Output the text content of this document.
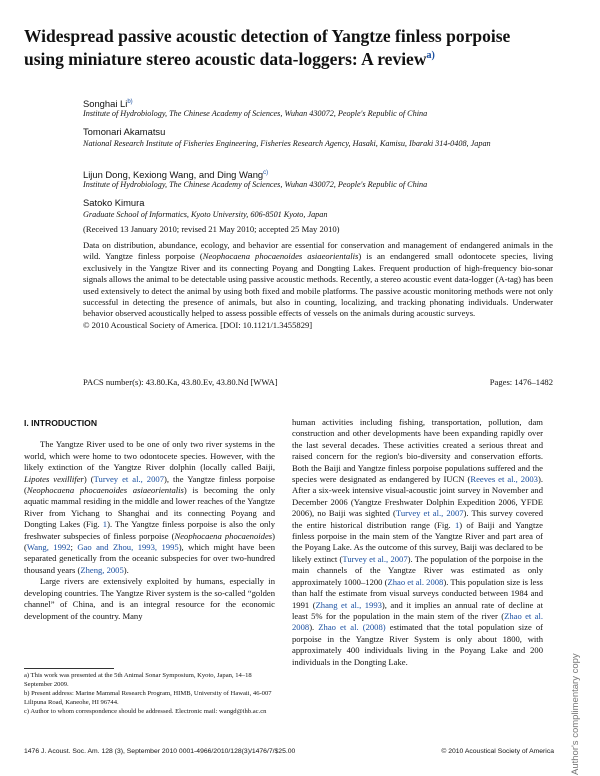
Widespread passive acoustic detection of Yangtze finless porpoise using miniature stereo acoustic data-loggers: A review$^{a)}$
Songhai Li$^{b)}$
Institute of Hydrobiology, The Chinese Academy of Sciences, Wuhan 430072, People's Republic of China
Tomonari Akamatsu
National Research Institute of Fisheries Engineering, Fisheries Research Agency, Hasaki, Kamisu, Ibaraki 314-0408, Japan
Lijun Dong, Kexiong Wang, and Ding Wang$^{c)}$
Institute of Hydrobiology, The Chinese Academy of Sciences, Wuhan 430072, People's Republic of China
Satoko Kimura
Graduate School of Informatics, Kyoto University, 606-8501 Kyoto, Japan
(Received 13 January 2010; revised 21 May 2010; accepted 25 May 2010)
Data on distribution, abundance, ecology, and behavior are essential for conservation and management of endangered animals in the wild. Yangtze finless porpoise (Neophocaena phocaenoides asiaeorientalis) is an endangered small odontocete species, living exclusively in the Yangtze River and its connecting Poyang and Dongting Lakes. Frequent production of high-frequency bio-sonar signals allows the animal to be detectable using passive acoustic methods. Recently, a stereo acoustic event data-logger (A-tag) has been used extensively to detect the animal by using both fixed and mobile platforms. The passive acoustic monitoring methods were not only successful in detecting the presence of animals, but also in counting, localizing, and tracking phonating individuals. Underwater behavior observed acoustically helped to assess possible effects of vessels on the animals during acoustic surveys.
© 2010 Acoustical Society of America. [DOI: 10.1121/1.3455829]
PACS number(s): 43.80.Ka, 43.80.Ev, 43.80.Nd [WWA]	Pages: 1476–1482
I. INTRODUCTION
The Yangtze River used to be one of only two river systems in the world, which were home to two odontocete species. However, with the likely extinction of the Yangtze River dolphin (locally called Baiji, Lipotes vexillifer) (Turvey et al., 2007), the Yangtze finless porpoise (Neophocaena phocaenoides asiaeorientalis) is becoming the only aquatic mammal residing in the middle and lower reaches of the Yangtze River from Yichang to Shanghai and its connecting Poyang and Dongting Lakes (Fig. 1). The Yangtze finless porpoise is also the only freshwater subspecies of finless porpoise (Neophocaena phocaenoides) (Wang, 1992; Gao and Zhou, 1993, 1995), which might have been separated genetically from the oceanic subspecies for over two-hundred thousand years (Zheng, 2005).
Large rivers are extensively exploited by humans, especially in developing countries. The Yangtze River system is the so-called “golden channel” of China, and is an integral resource for the economic development of the country. Many
a) This work was presented at the 5th Animal Sonar Symposium, Kyoto, Japan, 14–18 September 2009.
b) Present address: Marine Mammal Research Program, HIMB, University of Hawaii, 46-007 Lilipuna Road, Kaneohe, HI 96744.
c) Author to whom correspondence should be addressed. Electronic mail: wangd@ihb.ac.cn
human activities including fishing, transportation, pollution, dam construction and other developments have been expanding rapidly over the last several decades. These activities created a serious threat and raised concern for the region's bio-diversity and conservation efforts. Both the Baiji and Yangtze finless porpoise populations suffered and the species were designated as endangered by IUCN (Reeves et al., 2003). After a six-week intensive visual-acoustic joint survey in November and December 2006 (Yangtze Freshwater Dolphin Expedition 2006, YFDE 2006), no Baiji was sighted (Turvey et al., 2007). This survey covered the entire historical distribution range (Fig. 1) of Baiji and Yangtze finless porpoise in the main stem of the Yangtze River and part area of the Poyang Lake. As the outcome of this survey, Baiji was declared to be likely extinct (Turvey et al., 2007). The population of the porpoise in the main channels of the Yangtze River was estimated as only approximately 1000–1200 (Zhao et al. 2008). This population size is less than half the estimate from visual surveys conducted between 1984 and 1991 (Zhang et al., 1993), and it implies an annual rate of decline at least 5% for the population in the main stem of the river (Zhao et al. 2008). Zhao et al. (2008) estimated that the total population size of porpoise in the Yangtze River System is only about 1800, with approximately 400 individuals living in the Poyang Lake and 200 individuals in the Dongting Lake.
1476 J. Acoust. Soc. Am. 128 (3), September 2010 0001-4966/2010/128(3)/1476/7/$25.00	© 2010 Acoustical Society of America Author's complimentary copy
